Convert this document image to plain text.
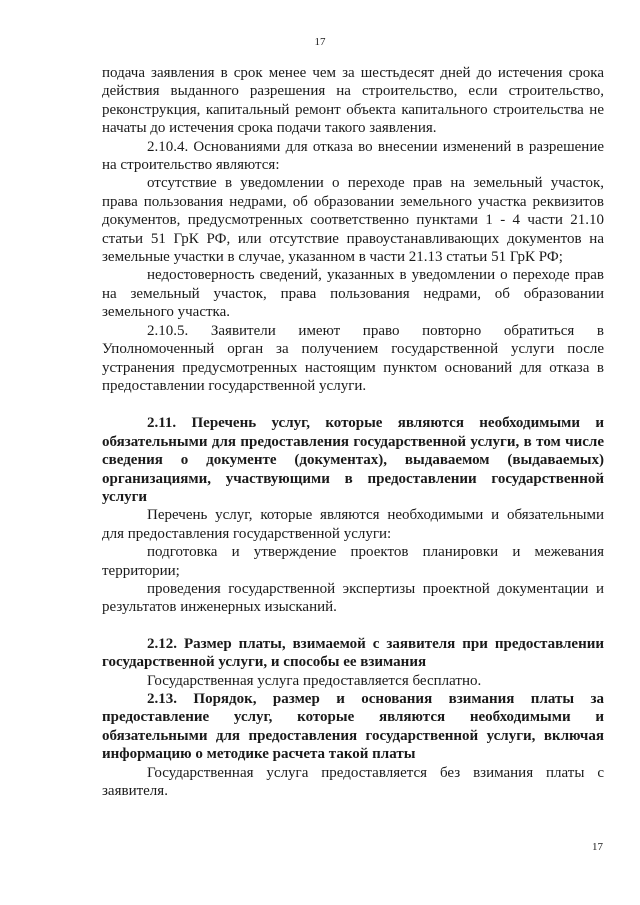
17

подача заявления в срок менее чем за шестьдесят дней до истечения срока действия выданного разрешения на строительство, если строительство, реконструкция, капитальный ремонт объекта капитального строительства не начаты до истечения срока подачи такого заявления.

2.10.4. Основаниями для отказа во внесении изменений в разрешение на строительство являются:

отсутствие в уведомлении о переходе прав на земельный участок, права пользования недрами, об образовании земельного участка реквизитов документов, предусмотренных соответственно пунктами 1 - 4 части 21.10 статьи 51 ГрК РФ, или отсутствие правоустанавливающих документов на земельные участки в случае, указанном в части 21.13 статьи 51 ГрК РФ;

недостоверность сведений, указанных в уведомлении о переходе прав на земельный участок, права пользования недрами, об образовании земельного участка.

2.10.5. Заявители имеют право повторно обратиться в Уполномоченный орган за получением государственной услуги после устранения предусмотренных настоящим пунктом оснований для отказа в предоставлении государственной услуги.

2.11. Перечень услуг, которые являются необходимыми и обязательными для предоставления государственной услуги, в том числе сведения о документе (документах), выдаваемом (выдаваемых) организациями, участвующими в предоставлении государственной услуги

Перечень услуг, которые являются необходимыми и обязательными для предоставления государственной услуги:

подготовка и утверждение проектов планировки и межевания территории;

проведения государственной экспертизы проектной документации и результатов инженерных изысканий.

2.12. Размер платы, взимаемой с заявителя при предоставлении государственной услуги, и способы ее взимания

Государственная услуга предоставляется бесплатно.

2.13. Порядок, размер и основания взимания платы за предоставление услуг, которые являются необходимыми и обязательными для предоставления государственной услуги, включая информацию о методике расчета такой платы

Государственная услуга предоставляется без взимания платы с заявителя.

17
